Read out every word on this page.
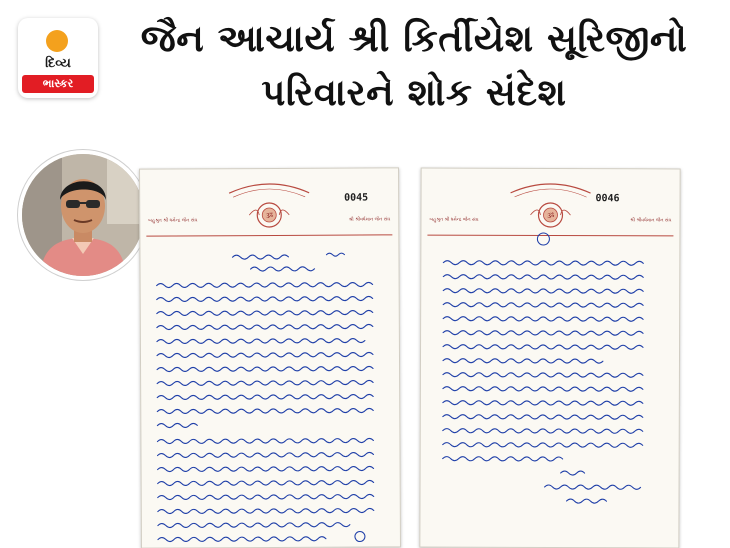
દિવ્ય
ભાસ્કર
જૈન આચાર્ય શ્રી કિર્તીયેશ સૂરિજીનો
પરિવારને શોક સંદેશ
ૐ
0045
બહુશ્રુત શ્રી ધર્મેન્દ્ર જૈન સંઘ	શ્રી શ્રીવર્ધમાન જૈન સંઘ	ૐ
0046
બહુશ્રુત શ્રી ધર્મેન્દ્ર જૈન સંઘ	શ્રી શ્રીવર્ધમાન જૈન સંઘ
